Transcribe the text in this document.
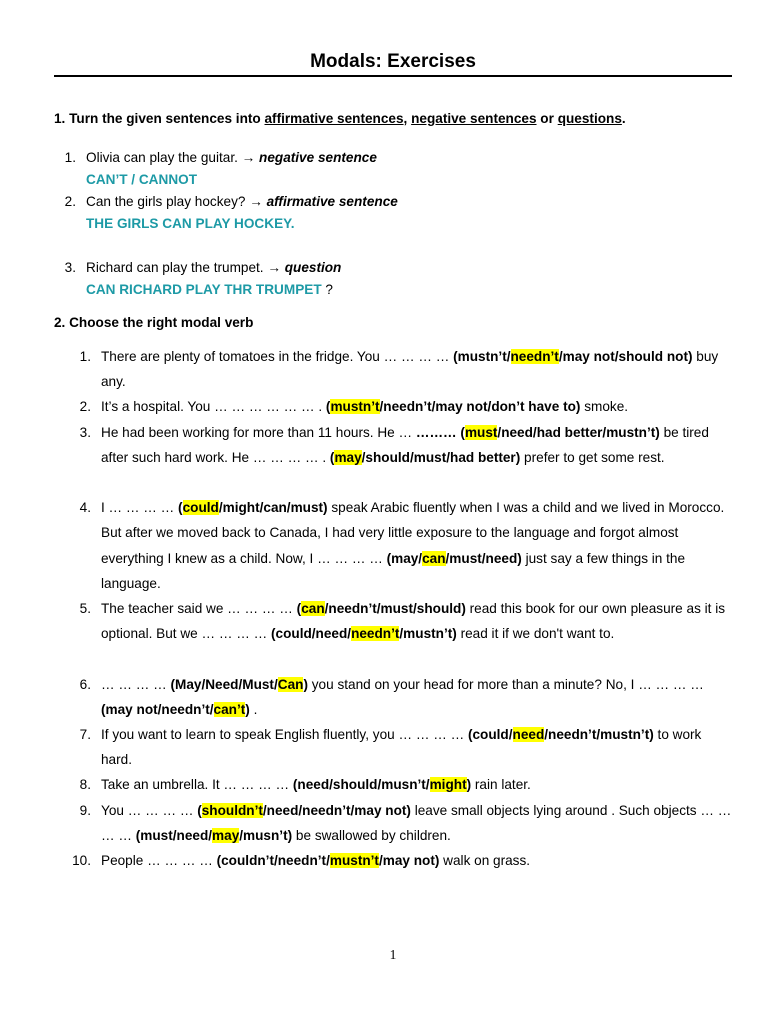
Modals: Exercises
1. Turn the given sentences into affirmative sentences, negative sentences or questions.
1. Olivia can play the guitar. → negative sentence
CAN’T / CANNOT
2. Can the girls play hockey? → affirmative sentence
THE GIRLS CAN PLAY HOCKEY.
3. Richard can play the trumpet. → question
CAN RICHARD PLAY THR TRUMPET ?
2. Choose the right modal verb
1. There are plenty of tomatoes in the fridge. You … … … … (mustn’t/needn’t/may not/should not) buy any.
2. It’s a hospital. You … … … … … … . (mustn’t/needn’t/may not/don’t have to) smoke.
3. He had been working for more than 11 hours. He … ……… (must/need/had better/mustn’t) be tired after such hard work. He … … … … . (may/should/must/had better) prefer to get some rest.
4. I … … … … (could/might/can/must) speak Arabic fluently when I was a child and we lived in Morocco. But after we moved back to Canada, I had very little exposure to the language and forgot almost everything I knew as a child. Now, I … … … … (may/can/must/need) just say a few things in the language.
5. The teacher said we … … … … (can/needn’t/must/should) read this book for our own pleasure as it is optional. But we … … … … (could/need/needn’t/mustn’t) read it if we don't want to.
6. … … … … (May/Need/Must/Can) you stand on your head for more than a minute? No, I … … … … (may not/needn’t/can’t) .
7. If you want to learn to speak English fluently, you … … … … (could/need/needn’t/mustn’t) to work hard.
8. Take an umbrella. It … … … … (need/should/musn’t/might) rain later.
9. You … … … … (shouldn’t/need/needn’t/may not) leave small objects lying around . Such objects … … … … (must/need/may/musn’t) be swallowed by children.
10. People … … … … (couldn’t/needn’t/mustn’t/may not) walk on grass.
1
